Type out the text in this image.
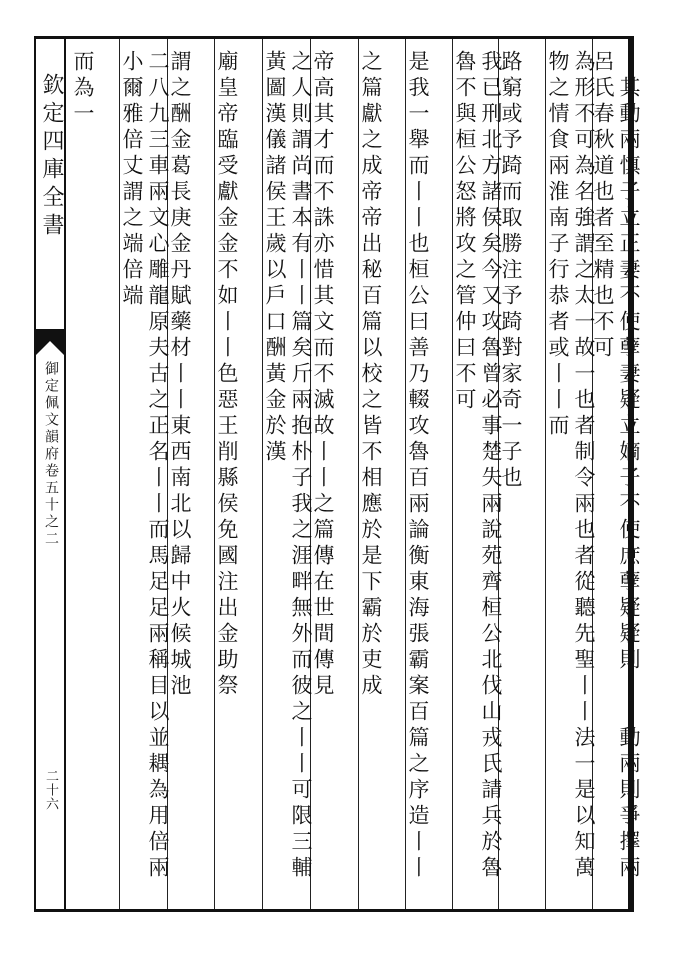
欽定四庫全書
御定佩文韻府卷五十之二
二十六	丨其動兩慎子立正妻不使孽妻疑立嫡子不使庶孽疑疑則丨丨動兩則爭擇兩呂氏春秋道也者至精也不可
為形不可為名強謂之太一故一也者制令兩也者從聽先聖丨丨法一是以知萬物之情食兩淮南子行恭者或丨丨而
路窮或予踦而取勝注予踦對家奇一子也
我已刑北方諸侯矣今又攻魯曾必事楚失兩說苑齊桓公北伐山戎氏請兵於魯魯不與桓公怒將攻之管仲曰不可
是我一舉而丨丨也桓公曰善乃輟攻魯百兩論衡東海張霸案百篇之序造丨丨
之篇獻之成帝帝出秘百篇以校之皆不相應於是下霸於吏成
帝高其才而不誅亦惜其文而不滅故丨丨之篇傳在世間傳見
之人則謂尚書本有丨丨篇矣斤兩抱朴子我之涯畔無外而彼之丨丨可限三輔黃圖漢儀諸侯王歲以戶口酬黃金於漢
廟皇帝臨受獻金金不如丨丨色惡王削縣侯免國注出金助祭
謂之酬金葛長庚金丹賦藥材丨丨東西南北以歸中火候城池
二八九三車兩文心雕龍原夫古之正名丨丨而馬足足兩稱目以並耦為用倍兩小爾雅倍丈謂之端倍端
而為一
